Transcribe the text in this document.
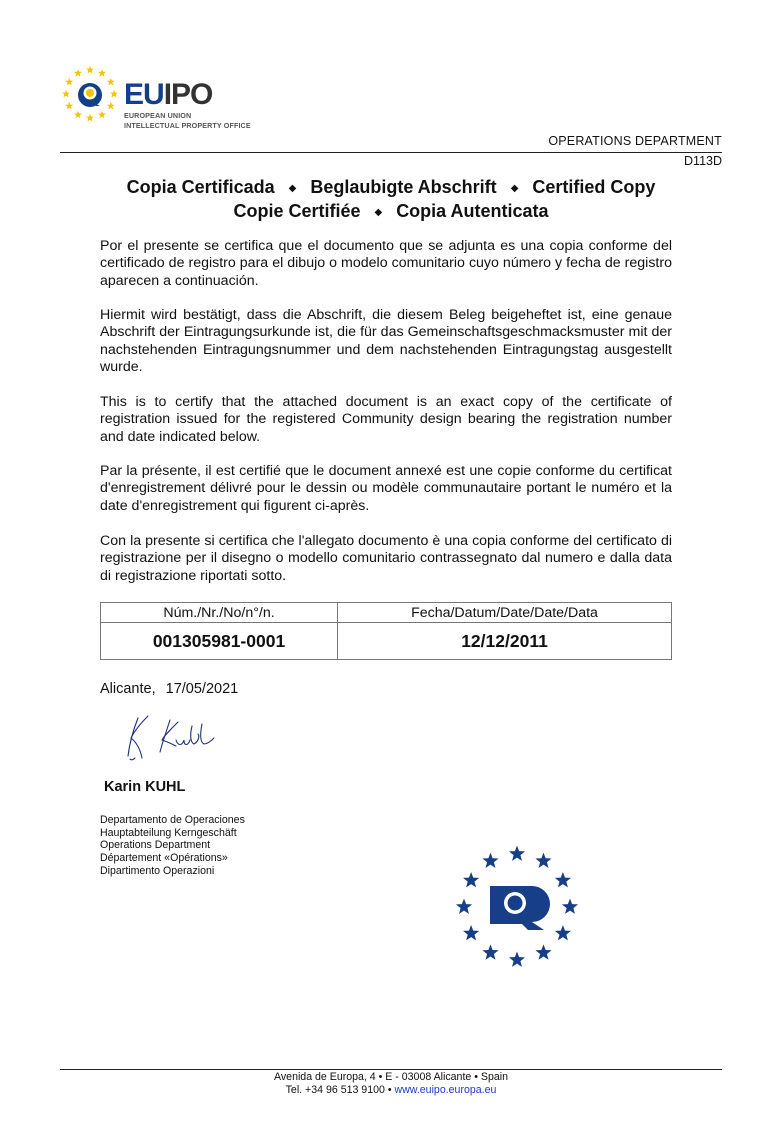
EUIPO
EUROPEAN UNION
INTELLECTUAL PROPERTY OFFICE
OPERATIONS DEPARTMENT
D113D
Copia Certificada ◆ Beglaubigte Abschrift ◆ Certified Copy
Copie Certifiée ◆ Copia Autenticata
Por el presente se certifica que el documento que se adjunta es una copia conforme del certificado de registro para el dibujo o modelo comunitario cuyo número y fecha de registro aparecen a continuación.
Hiermit wird bestätigt, dass die Abschrift, die diesem Beleg beigeheftet ist, eine genaue Abschrift der Eintragungsurkunde ist, die für das Gemeinschaftsgeschmacksmuster mit der nachstehenden Eintragungsnummer und dem nachstehenden Eintragungstag ausgestellt wurde.
This is to certify that the attached document is an exact copy of the certificate of registration issued for the registered Community design bearing the registration number and date indicated below.
Par la présente, il est certifié que le document annexé est une copie conforme du certificat d'enregistrement délivré pour le dessin ou modèle communautaire portant le numéro et la date d'enregistrement qui figurent ci-après.
Con la presente si certifica che l'allegato documento è una copia conforme del certificato di registrazione per il disegno o modello comunitario contrassegnato dal numero e dalla data di registrazione riportati sotto.
Núm./Nr./No/n°/n.	Fecha/Datum/Date/Date/Data
001305981-0001	12/12/2011
Alicante, 17/05/2021
Karin KUHL
Departamento de Operaciones
Hauptabteilung Kerngeschäft
Operations Department
Département «Opérations»
Dipartimento Operazioni
Avenida de Europa, 4 • E - 03008 Alicante • Spain
Tel. +34 96 513 9100 • www.euipo.europa.eu
